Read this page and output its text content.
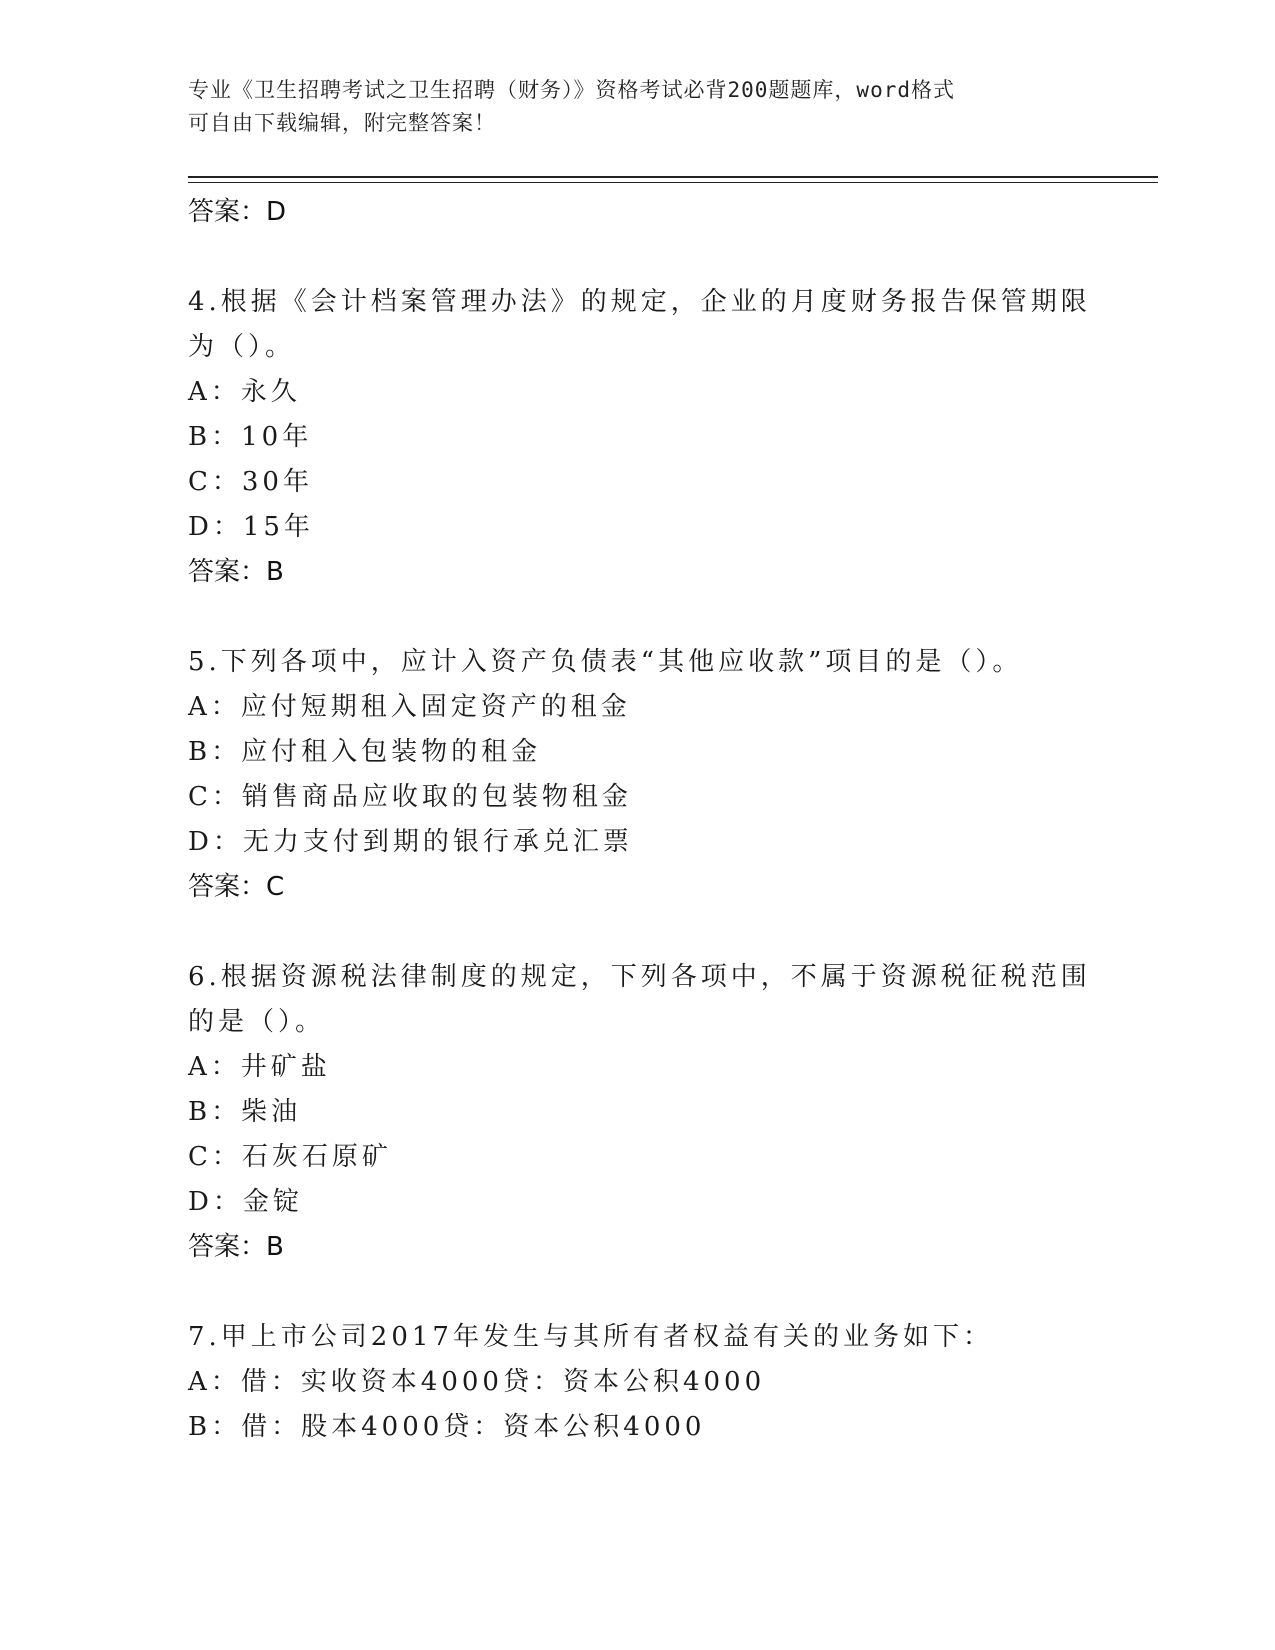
专业《卫生招聘考试之卫生招聘（财务）》资格考试必背200题题库，word格式
可自由下载编辑，附完整答案！
答案：D
4.根据《会计档案管理办法》的规定，企业的月度财务报告保管期限
为（）。
A：永久
B：10年
C：30年
D：15年
答案：B
5.下列各项中，应计入资产负债表“其他应收款”项目的是（）。
A：应付短期租入固定资产的租金
B：应付租入包装物的租金
C：销售商品应收取的包装物租金
D：无力支付到期的银行承兑汇票
答案：C
6.根据资源税法律制度的规定，下列各项中，不属于资源税征税范围
的是（）。
A：井矿盐
B：柴油
C：石灰石原矿
D：金锭
答案：B
7.甲上市公司2017年发生与其所有者权益有关的业务如下：
A：借：实收资本4000贷：资本公积4000
B：借：股本4000贷：资本公积4000
